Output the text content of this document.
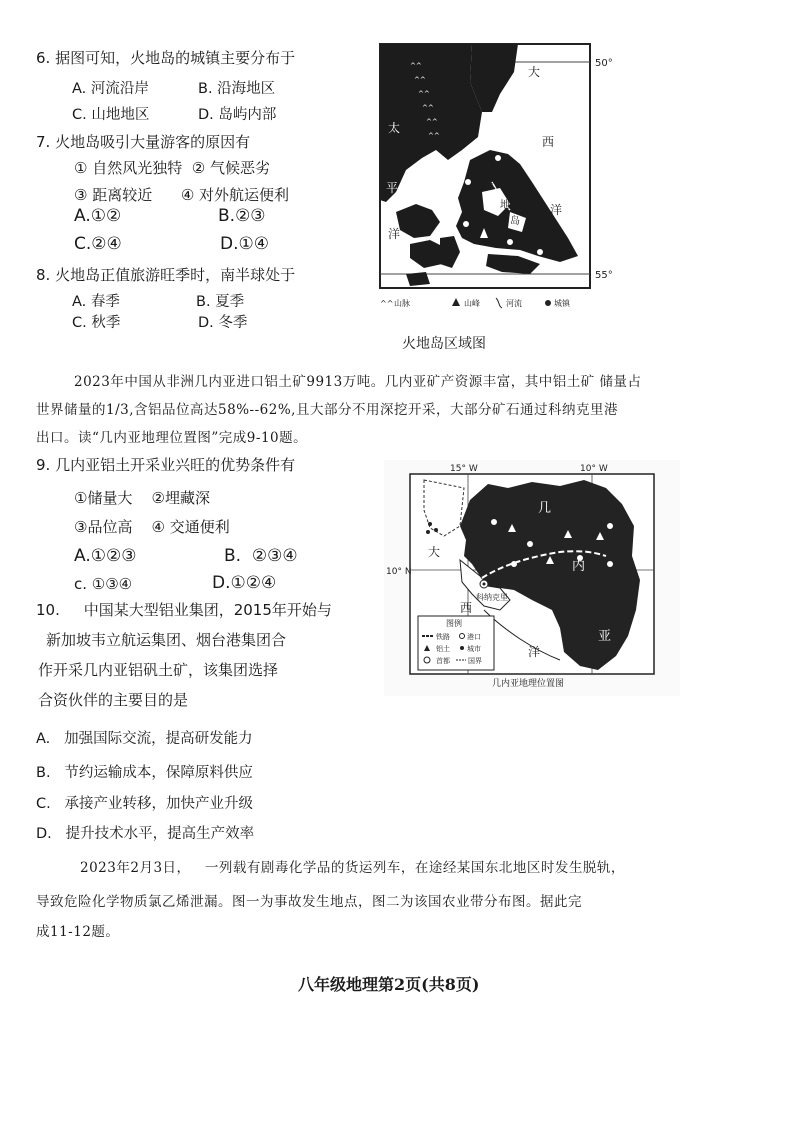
6. 据图可知，火地岛的城镇主要分布于
A. 河流沿岸	B. 沿海地区
C. 山地地区	D. 岛屿内部
7. 火地岛吸引大量游客的原因有
① 自然风光独特  ② 气候恶劣
③ 距离较近      ④ 对外航运便利
A.①②	B.②③
C.②④	D.①④
8. 火地岛正值旅游旺季时，南半球处于
A. 春季	B. 夏季
C. 秋季	D. 冬季
^^
^^
^^
^^
^^
^^
50°
55°
太
平
洋
大
西
洋
火
地
岛
^^ 山脉	山峰	河流	城镇
火地岛区域图
2023年中国从非洲几内亚进口铝土矿9913万吨。几内亚矿产资源丰富，其中铝土矿 储量占
世界储量的1/3,含铝品位高达58%--62%,且大部分不用深挖开采，大部分矿石通过科纳克里港
出口。读“几内亚地理位置图”完成9-10题。
9. 几内亚铝土开采业兴旺的优势条件有
①储量大    ②埋藏深
③品位高    ④ 交通便利
A.①②③	B.  ②③④
c. ①③④	D.①②④
10.     中国某大型铝业集团，2015年开始与
新加坡韦立航运集团、烟台港集团合
作开采几内亚铝矾土矿，该集团选择
合资伙伴的主要目的是
A.   加强国际交流，提高研发能力
B.   节约运输成本，保障原料供应
C.   承接产业转移，加快产业升级
D.   提升技术水平，提高生产效率
15° W	10° W
10° N
几
内
亚
大
西
洋
科纳克里
图例
铁路 港口
铝土 城市
首都	国界
几内亚地理位置图
2023年2月3日，   一列载有剧毒化学品的货运列车，在途经某国东北地区时发生脱轨，
导致危险化学物质氯乙烯泄漏。图一为事故发生地点，图二为该国农业带分布图。据此完
成11-12题。
八年级地理第2页(共8页)
